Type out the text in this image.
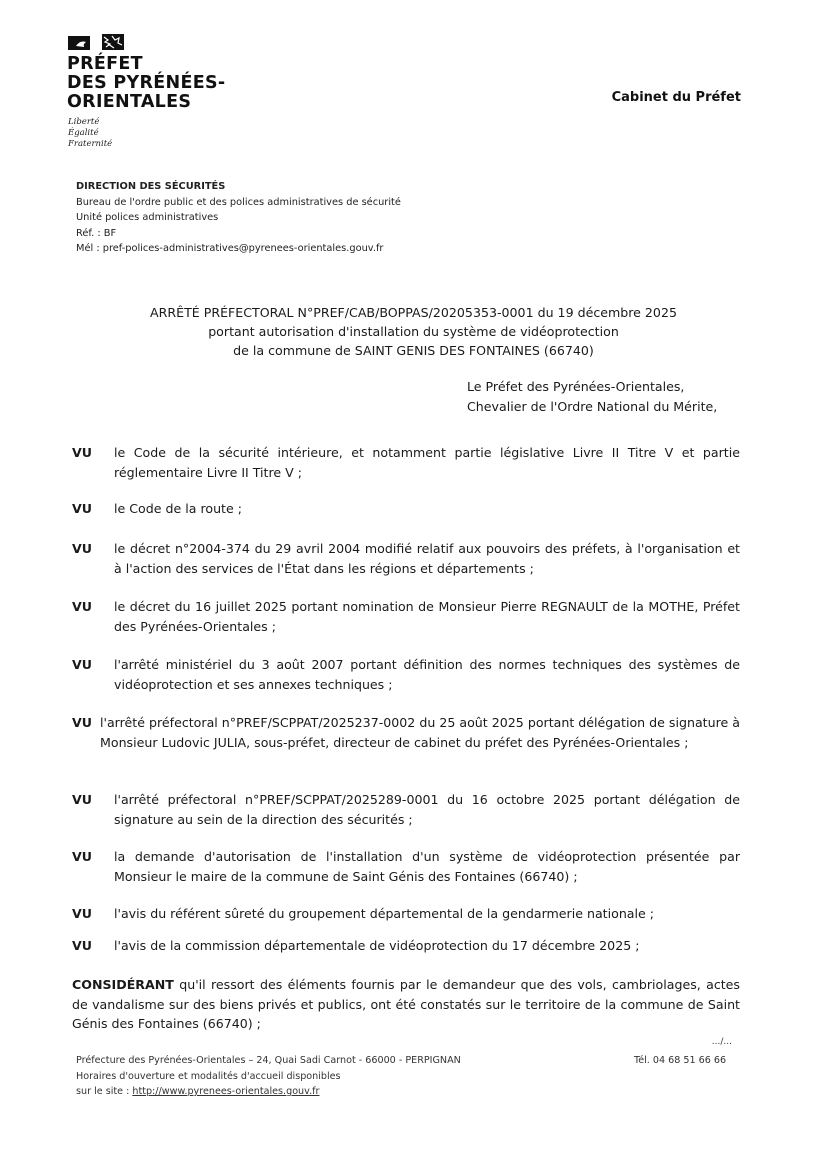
PRÉFET
DES PYRÉNÉES-
ORIENTALES
Liberté
Égalité
Fraternité
Cabinet du Préfet
DIRECTION DES SÉCURITÉS
Bureau de l'ordre public et des polices administratives de sécurité
Unité polices administratives
Réf. : BF
Mél : pref-polices-administratives@pyrenees-orientales.gouv.fr
ARRÊTÉ PRÉFECTORAL N°PREF/CAB/BOPPAS/20205353-0001 du 19 décembre 2025
portant autorisation d'installation du système de vidéoprotection
de la commune de SAINT GENIS DES FONTAINES (66740)
Le Préfet des Pyrénées-Orientales,
Chevalier de l'Ordre National du Mérite,
VU le Code de la sécurité intérieure, et notamment partie législative Livre II Titre V et partie réglementaire Livre II Titre V ;
VU le Code de la route ;
VU le décret n°2004-374 du 29 avril 2004 modifié relatif aux pouvoirs des préfets, à l'organisation et à l'action des services de l'État dans les régions et départements ;
VU le décret du 16 juillet 2025 portant nomination de Monsieur Pierre REGNAULT de la MOTHE, Préfet des Pyrénées-Orientales ;
VU l'arrêté ministériel du 3 août 2007 portant définition des normes techniques des systèmes de vidéoprotection et ses annexes techniques ;
VU l'arrêté préfectoral n°PREF/SCPPAT/2025237-0002 du 25 août 2025 portant délégation de signature à Monsieur Ludovic JULIA, sous-préfet, directeur de cabinet du préfet des Pyrénées-Orientales ;
VU l'arrêté préfectoral n°PREF/SCPPAT/2025289-0001 du 16 octobre 2025 portant délégation de signature au sein de la direction des sécurités ;
VU la demande d'autorisation de l'installation d'un système de vidéoprotection présentée par Monsieur le maire de la commune de Saint Génis des Fontaines (66740) ;
VU l'avis du référent sûreté du groupement départemental de la gendarmerie nationale ;
VU l'avis de la commission départementale de vidéoprotection du 17 décembre 2025 ;
CONSIDÉRANT qu'il ressort des éléments fournis par le demandeur que des vols, cambriolages, actes de vandalisme sur des biens privés et publics, ont été constatés sur le territoire de la commune de Saint Génis des Fontaines (66740) ;
.../...
Préfecture des Pyrénées-Orientales – 24, Quai Sadi Carnot - 66000 - PERPIGNAN
Horaires d'ouverture et modalités d'accueil disponibles
sur le site : http://www.pyrenees-orientales.gouv.fr
Tél. 04 68 51 66 66
